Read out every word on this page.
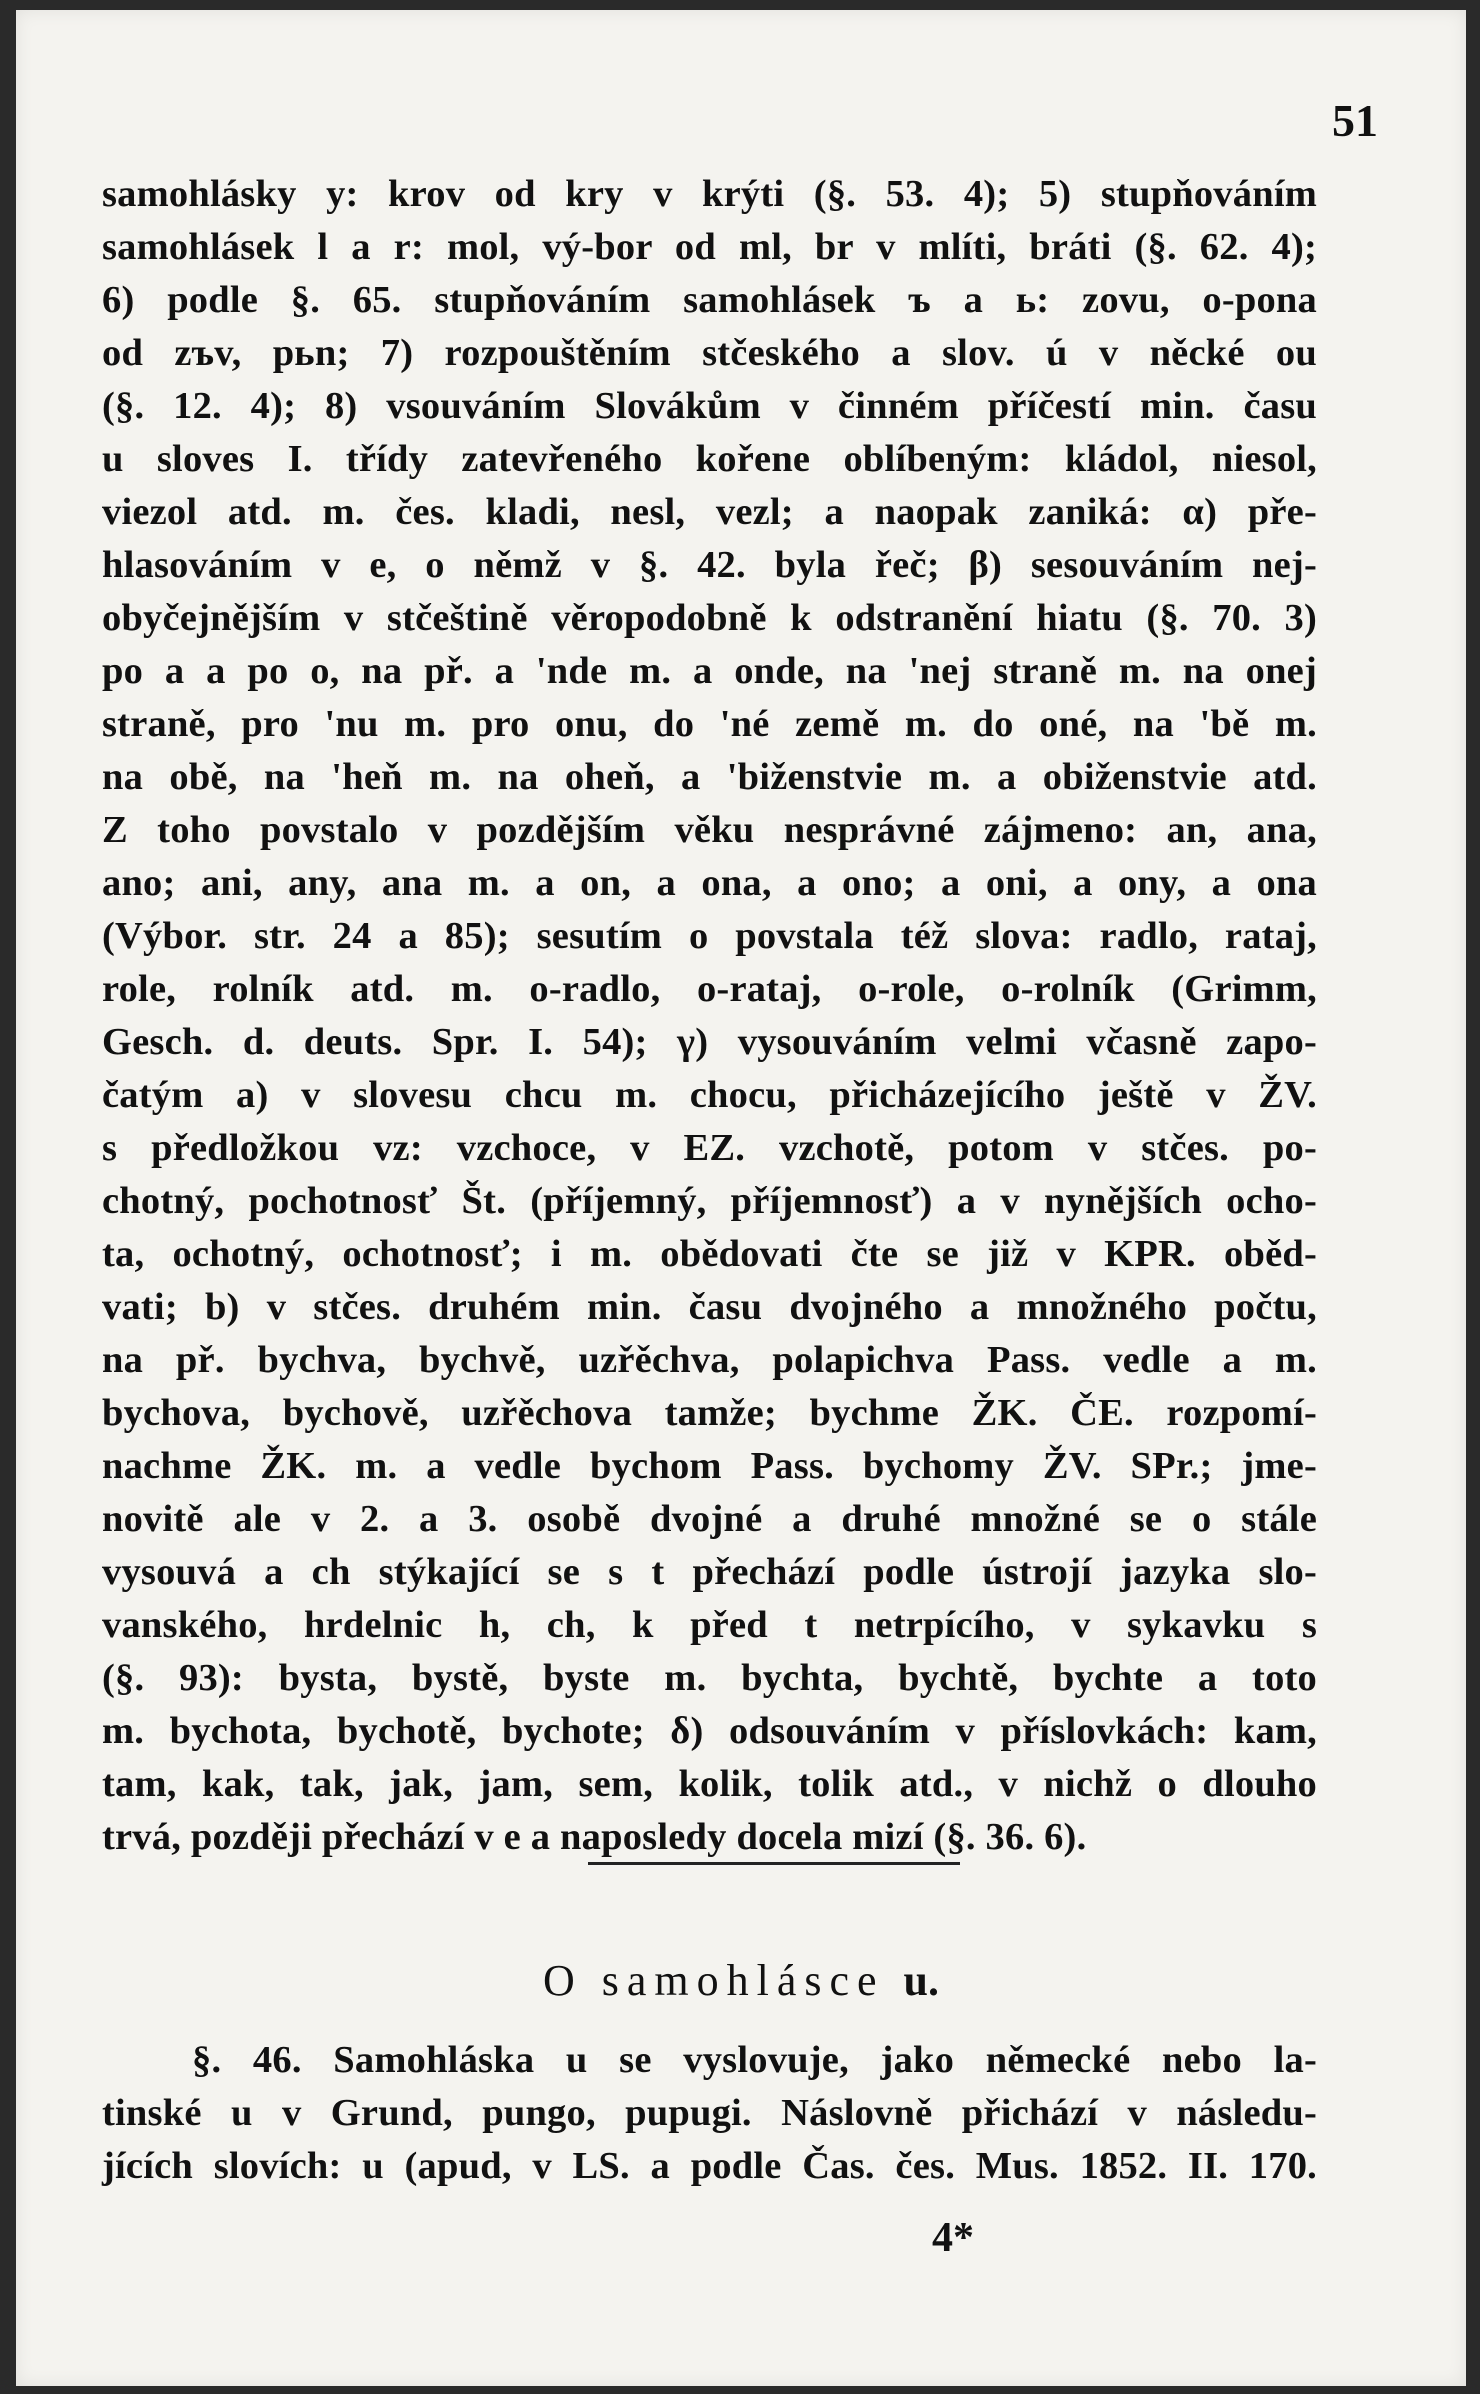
51
samohlásky y: krov od kry v krýti (§. 53. 4); 5) stupňováním
samohlásek l a r: mol, vý-bor od ml, br v mlíti, bráti (§. 62. 4);
6) podle §. 65. stupňováním samohlásek ъ a ь: zovu, o-pona
od zъv, pьn; 7) rozpouštěním stčeského a slov. ú v něcké ou
(§. 12. 4); 8) vsouváním Slovákům v činném příčestí min. času
u sloves I. třídy zatevřeného kořene oblíbeným: kládol, niesol,
viezol atd. m. čes. kladi, nesl, vezl; a naopak zaniká: α) pře-
hlasováním v e, o němž v §. 42. byla řeč; β) sesouváním nej-
obyčejnějším v stčeštině věropodobně k odstranění hiatu (§. 70. 3)
po a a po o, na př. a 'nde m. a onde, na 'nej straně m. na onej
straně, pro 'nu m. pro onu, do 'né země m. do oné, na 'bě m.
na obě, na 'heň m. na oheň, a 'biženstvie m. a obiženstvie atd.
Z toho povstalo v pozdějším věku nesprávné zájmeno: an, ana,
ano; ani, any, ana m. a on, a ona, a ono; a oni, a ony, a ona
(Výbor. str. 24 a 85); sesutím o povstala též slova: radlo, rataj,
role, rolník atd. m. o-radlo, o-rataj, o-role, o-rolník (Grimm,
Gesch. d. deuts. Spr. I. 54); γ) vysouváním velmi včasně zapo-
čatým a) v slovesu chcu m. chocu, přicházejícího ještě v ŽV.
s předložkou vz: vzchoce, v EZ. vzchotě, potom v stčes. po-
chotný, pochotnosť Št. (příjemný, příjemnosť) a v nynějších ocho-
ta, ochotný, ochotnosť; i m. obědovati čte se již v KPR. oběd-
vati; b) v stčes. druhém min. času dvojného a množného počtu,
na př. bychva, bychvě, uzřěchva, polapichva Pass. vedle a m.
bychova, bychově, uzřěchova tamže; bychme ŽK. ČE. rozpomí-
nachme ŽK. m. a vedle bychom Pass. bychomy ŽV. SPr.; jme-
novitě ale v 2. a 3. osobě dvojné a druhé množné se o stále
vysouvá a ch stýkající se s t přechází podle ústrojí jazyka slo-
vanského, hrdelnic h, ch, k před t netrpícího, v sykavku s
(§. 93): bysta, bystě, byste m. bychta, bychtě, bychte a toto
m. bychota, bychotě, bychote; δ) odsouváním v příslovkách: kam,
tam, kak, tak, jak, jam, sem, kolik, tolik atd., v nichž o dlouho
trvá, později přechází v e a naposledy docela mizí (§. 36. 6).
O samohlásce u.
§. 46. Samohláska u se vyslovuje, jako německé nebo la-
tinské u v Grund, pungo, pupugi. Náslovně přichází v následu-
jících slovích: u (apud, v LS. a podle Čas. čes. Mus. 1852. II. 170.
4*
